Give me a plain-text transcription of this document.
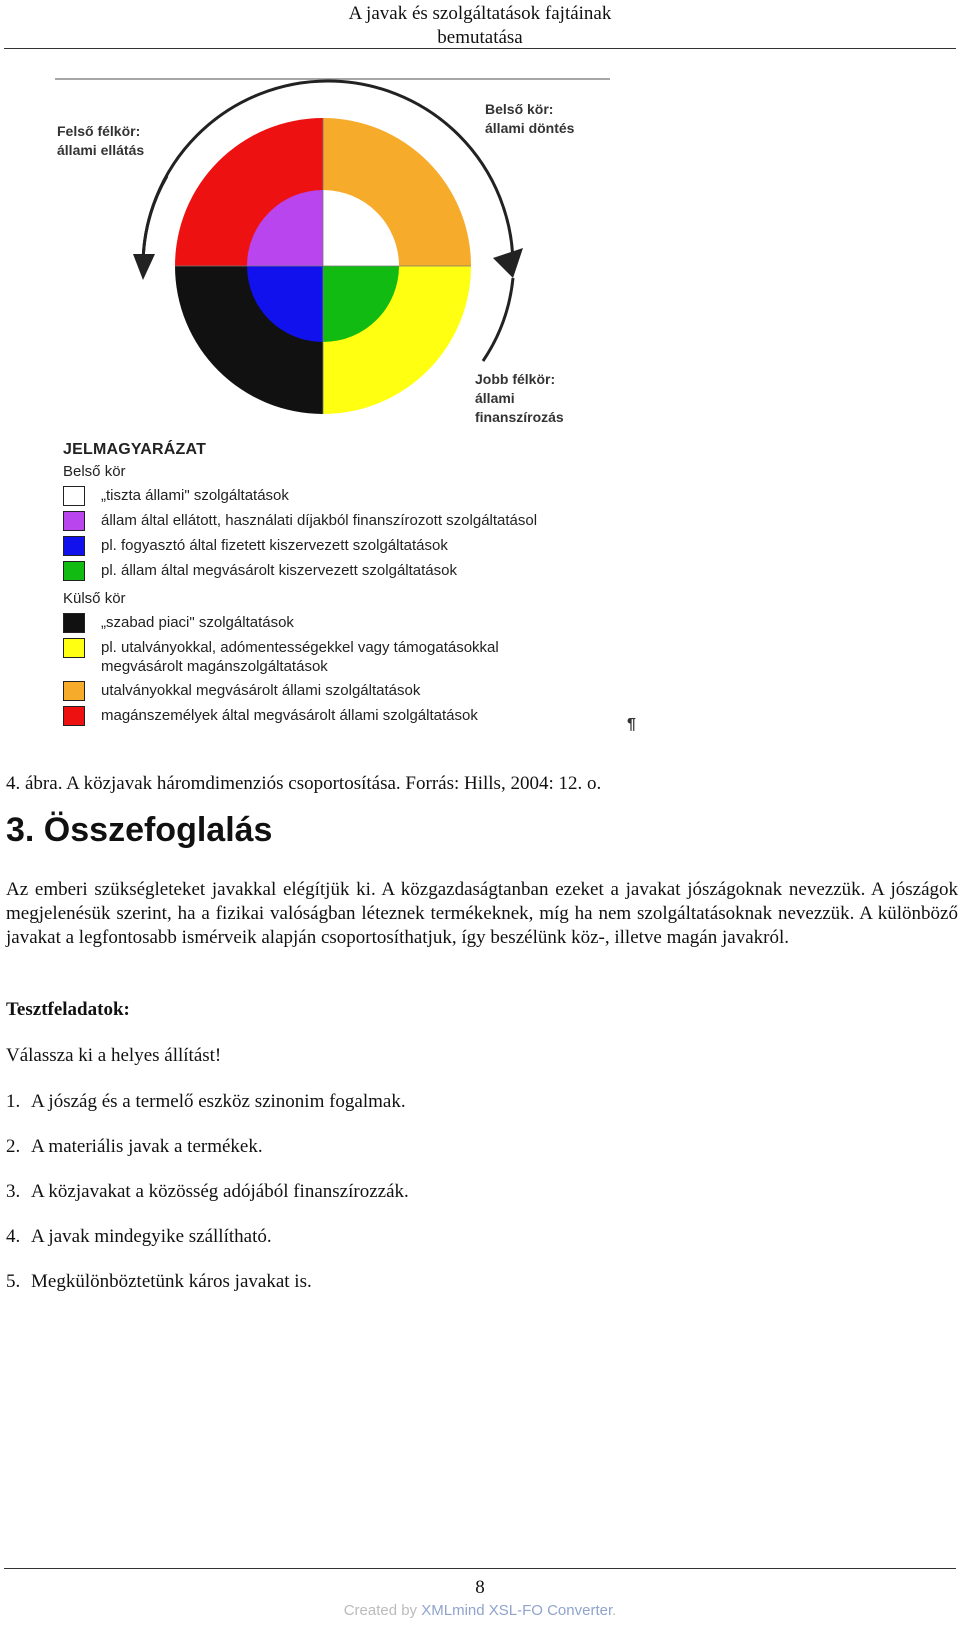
A javak és szolgáltatások fajtáinak
bemutatása
Felső félkör:
állami ellátás
Belső kör:
állami döntés
Jobb félkör:
állami
finanszírozás
JELMAGYARÁZAT
Belső kör
„tiszta állami" szolgáltatások
állam által ellátott, használati díjakból finanszírozott szolgáltatásol
pl. fogyasztó által fizetett kiszervezett szolgáltatások
pl. állam által megvásárolt kiszervezett szolgáltatások
Külső kör
„szabad piaci" szolgáltatások
pl. utalványokkal, adómentességekkel vagy támogatásokkal
megvásárolt magánszolgáltatások
utalványokkal megvásárolt állami szolgáltatások
magánszemélyek által megvásárolt állami szolgáltatások
¶
4. ábra. A közjavak háromdimenziós csoportosítása. Forrás: Hills, 2004: 12. o.
3. Összefoglalás

Az emberi szükségleteket javakkal elégítjük ki. A közgazdaságtanban ezeket a javakat jószágoknak nevezzük. A jószágok megjelenésük szerint, ha a fizikai valóságban léteznek termékeknek, míg ha nem szolgáltatásoknak nevezzük. A különböző javakat a legfontosabb ismérveik alapján csoportosíthatjuk, így beszélünk köz-, illetve magán javakról.

Tesztfeladatok:
Válassza ki a helyes állítást!
1. A jószág és a termelő eszköz szinonim fogalmak.
2. A materiális javak a termékek.
3. A közjavakat a közösség adójából finanszírozzák.
4. A javak mindegyike szállítható.
5. Megkülönböztetünk káros javakat is.
8
Created by XMLmind XSL-FO Converter.
